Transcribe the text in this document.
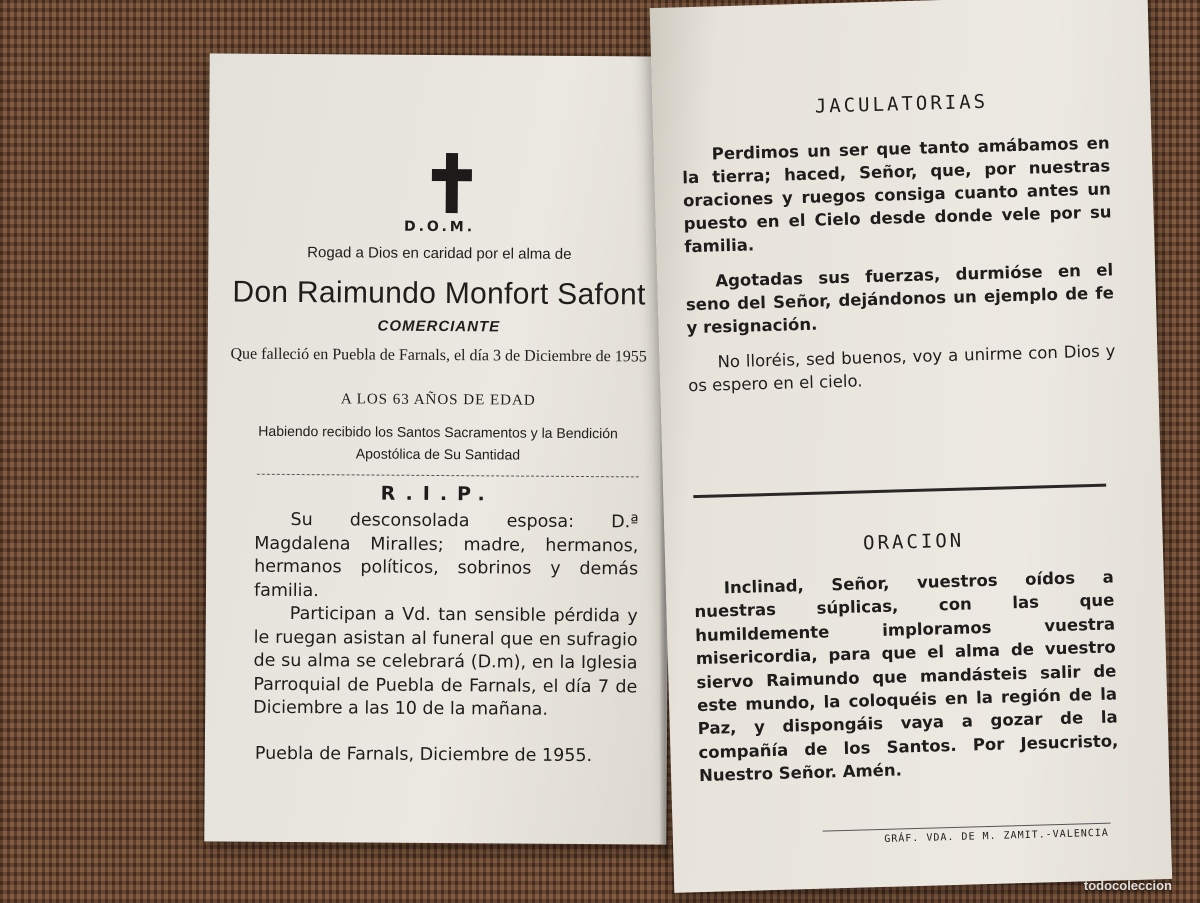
D.O.M.
Rogad a Dios en caridad por el alma de
Don Raimundo Monfort Safont
COMERCIANTE
Que falleció en Puebla de Farnals, el día 3 de Diciembre de 1955
A LOS 63 AÑOS DE EDAD
Habiendo recibido los Santos Sacramentos y la Bendición Apostólica de Su Santidad
R.I.P.

Su desconsolada esposa: D.ª Magdalena Miralles; madre, hermanos, hermanos políticos, sobrinos y demás familia.

Participan a Vd. tan sensible pérdida y le ruegan asistan al funeral que en sufragio de su alma se celebrará (D.m), en la Iglesia Parroquial de Puebla de Farnals, el día 7 de Diciembre a las 10 de la mañana.

Puebla de Farnals, Diciembre de 1955.
JACULATORIAS

Perdimos un ser que tanto amábamos en la tierra; haced, Señor, que, por nuestras oraciones y ruegos consiga cuanto antes un puesto en el Cielo desde donde vele por su familia.

Agotadas sus fuerzas, durmióse en el seno del Señor, dejándonos un ejemplo de fe y resignación.

No lloréis, sed buenos, voy a unirme con Dios y os espero en el cielo.

ORACION

Inclinad, Señor, vuestros oídos a nuestras súplicas, con las que humildemente imploramos vuestra misericordia, para que el alma de vuestro siervo Raimundo que mandásteis salir de este mundo, la coloquéis en la región de la Paz, y dispongáis vaya a gozar de la compañía de los Santos. Por Jesucristo, Nuestro Señor. Amén.

GRÁF. VDA. DE M. ZAMIT.-VALENCIA
todocoleccion
